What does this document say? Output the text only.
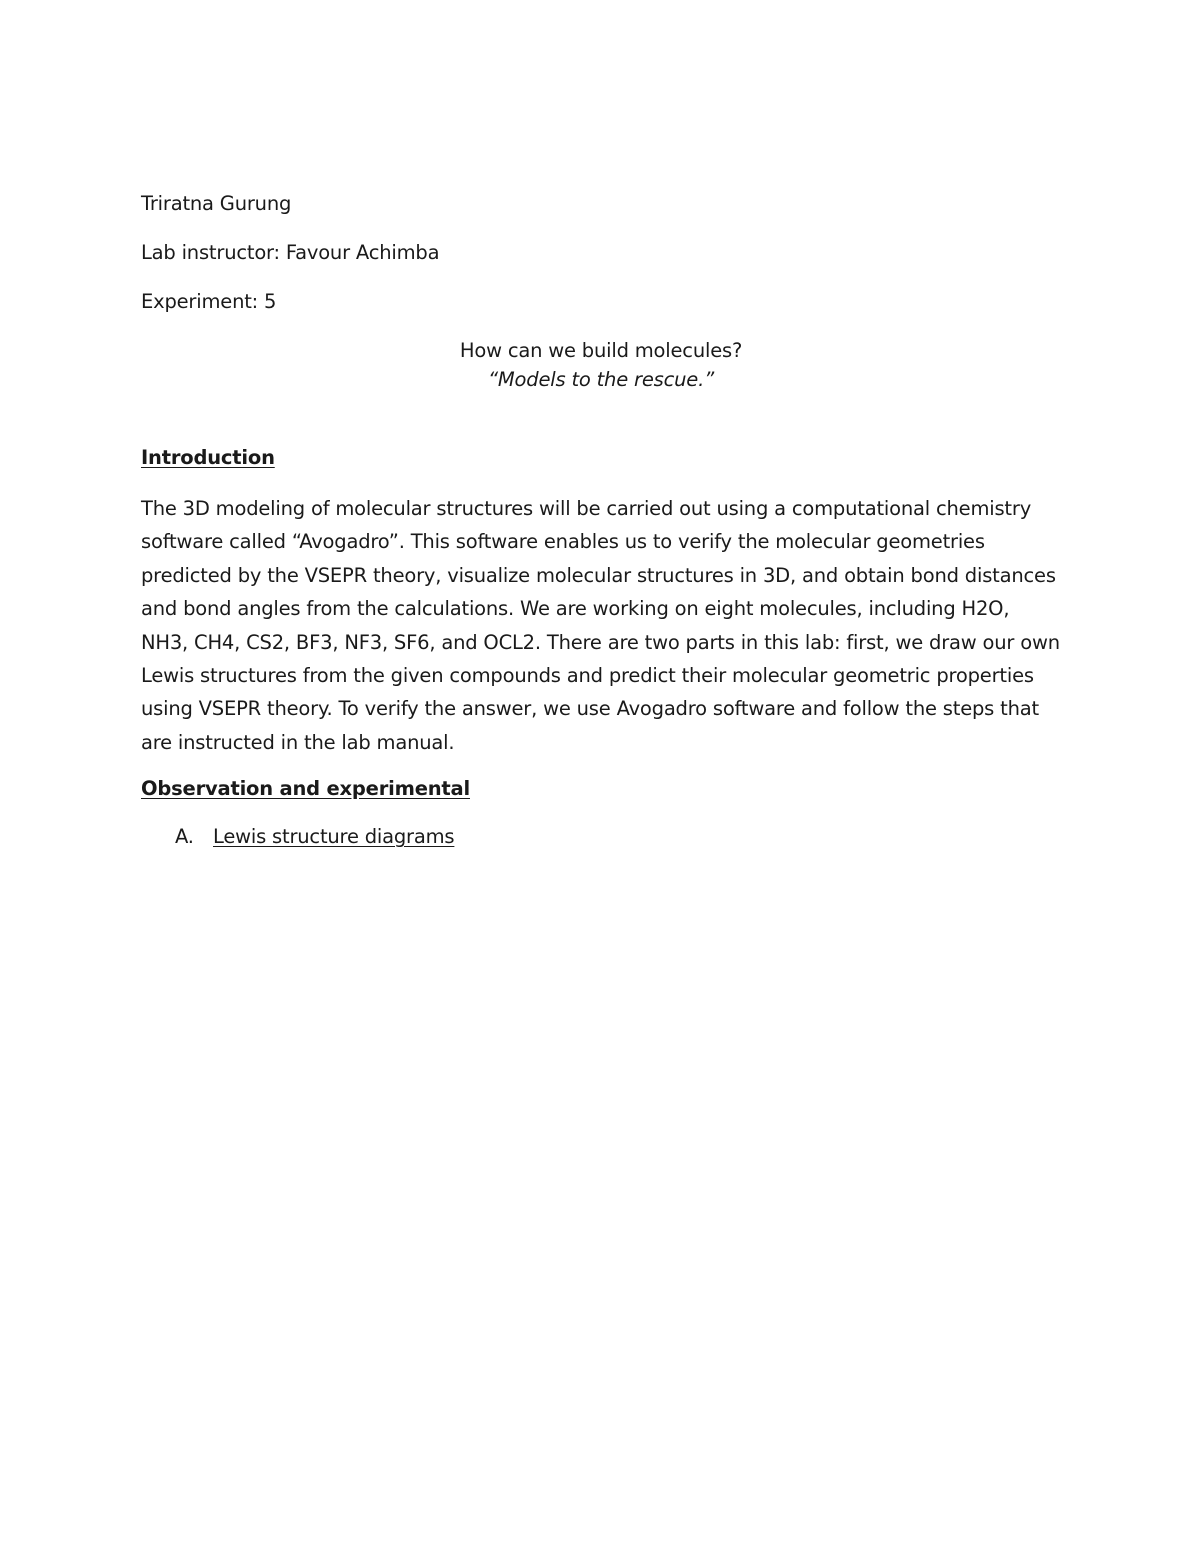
Triratna Gurung

Lab instructor: Favour Achimba

Experiment: 5

How can we build molecules?

“Models to the rescue.”

Introduction

The 3D modeling of molecular structures will be carried out using a computational chemistry software called “Avogadro”. This software enables us to verify the molecular geometries predicted by the VSEPR theory, visualize molecular structures in 3D, and obtain bond distances and bond angles from the calculations. We are working on eight molecules, including H2O, NH3, CH4, CS2, BF3, NF3, SF6, and OCL2. There are two parts in this lab: first, we draw our own Lewis structures from the given compounds and predict their molecular geometric properties using VSEPR theory. To verify the answer, we use Avogadro software and follow the steps that are instructed in the lab manual.

Observation and experimental

A. Lewis structure diagrams
